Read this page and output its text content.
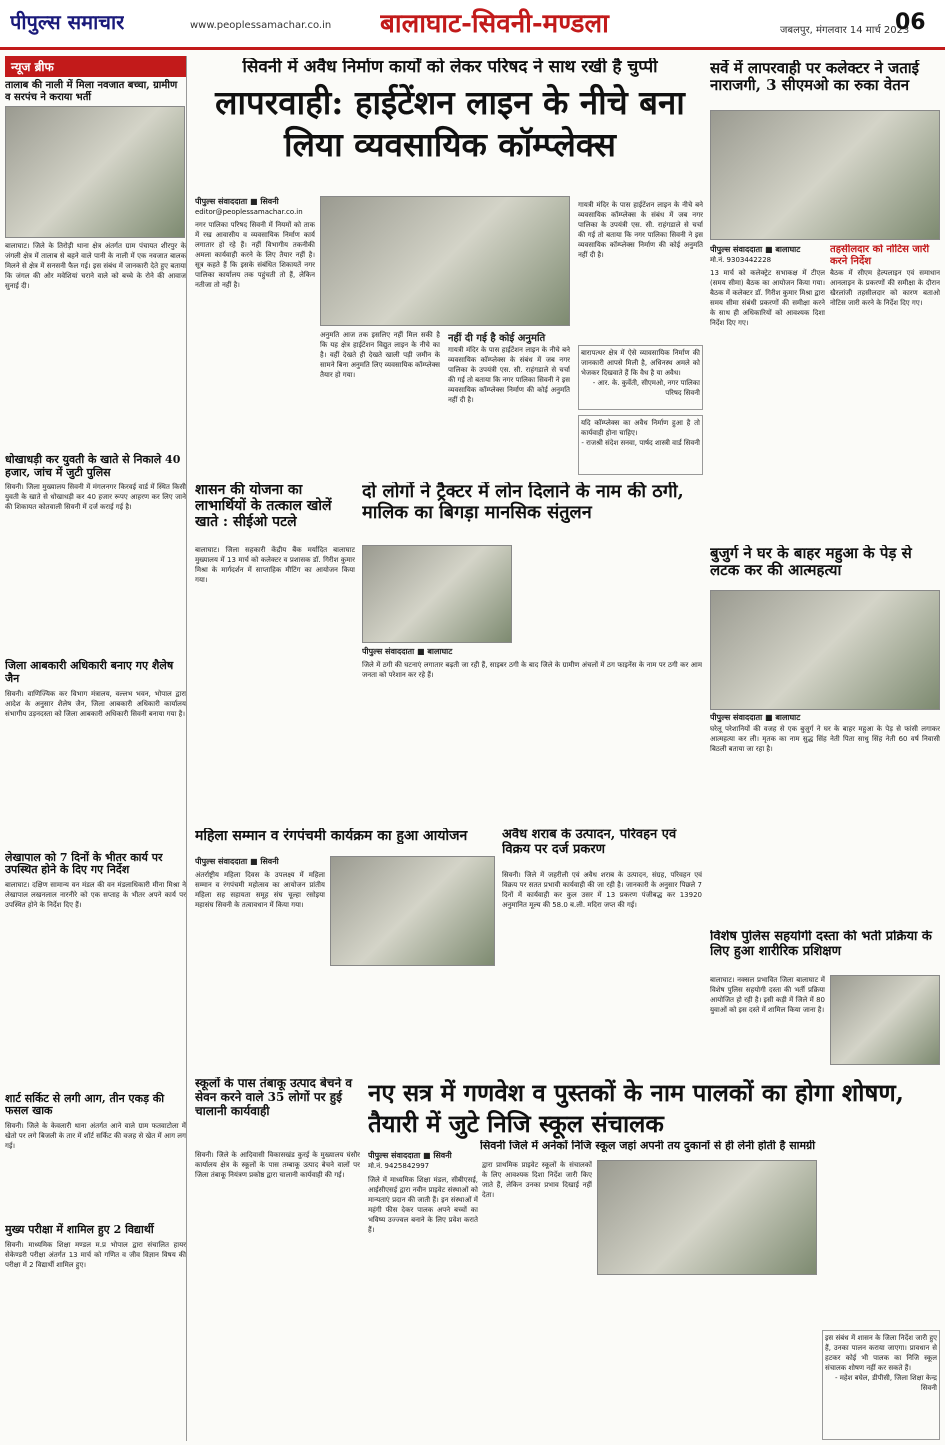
पीपुल्स समाचार	www.peoplessamachar.co.in बालाघाट-सिवनी-मण्डला	जबलपुर, मंगलवार 14 मार्च 2023
06
न्यूज ब्रीफ
तालाब की नाली में मिला नवजात बच्चा, ग्रामीण व सरपंच ने कराया भर्ती
बालाघाट। जिले के तिरोड़ी थाना क्षेत्र अंतर्गत ग्राम पंचायत शीरपुर के जंगली क्षेत्र में तालाब से बहने वाले पानी के नाली में एक नवजात बालक मिलने से क्षेत्र में सनसनी फैल गई। इस संबंध में जानकारी देते हुए बताया कि जंगल की ओर मवेशियां चराने वाले को बच्चे के रोने की आवाज सुनाई दी।
धोखाधड़ी कर युवती के खाते से निकाले 40 हजार, जांच में जुटी पुलिस
सिवनी। जिला मुख्यालय सिवनी में मंगलनगर किरवई वार्ड में स्थित किसी युवती के खाते से धोखाधड़ी कर 40 हजार रूपए आहरण कर लिए जाने की शिकायत कोतवाली सिवनी में दर्ज कराई गई है।
जिला आबकारी अधिकारी बनाए गए शैलेष जैन
सिवनी। वाणिज्यिक कर विभाग मंत्रालय, वल्लभ भवन, भोपाल द्वारा आदेश के अनुसार शैलेष जैन, जिला आबकारी अधिकारी कार्यालय संभागीय उड़नदस्ता को जिला आबकारी अधिकारी सिवनी बनाया गया है।
लेखापाल को 7 दिनों के भीतर कार्य पर उपस्थित होने के दिए गए निर्देश
बालाघाट। दक्षिण सामान्य वन मंडल की वन मंडलाधिकारी मीना मिश्रा ने लेखापाल लखनलाल नारनीरे को एक सप्ताह के भीतर अपने कार्य पर उपस्थित होने के निर्देश दिए हैं।
शार्ट सर्किट से लगी आग, तीन एकड़ की फसल खाक
सिवनी। जिले के केवलारी थाना अंतर्गत आने वाले ग्राम फतवाटोला में खेतो पर लगे बिजली के तार में शॉर्ट सर्किट की वजह से खेत में आग लग गई।
मुख्य परीक्षा में शामिल हुए 2 विद्यार्थी
सिवनी। माध्यमिक शिक्षा मण्डल म.प्र भोपाल द्वारा संचालित हायर सेकेण्डरी परीक्षा अंतर्गत 13 मार्च को गणित व जीव विज्ञान विषय की परीक्षा में 2 विद्यार्थी शामिल हुए।
सिवनी में अवैध निर्माण कार्यों को लेकर परिषद ने साथ रखी है चुप्पी
लापरवाही: हाईटेंशन लाइन के नीचे बना लिया व्यवसायिक कॉम्प्लेक्स
पीपुल्स संवाददाता ■ सिवनी
editor@peoplessamachar.co.in
नगर पालिका परिषद सिवनी में नियमों को ताक में रख आवासीय व व्यवसायिक निर्माण कार्य लगातार हो रहे हैं। नहीं विभागीय तकनीकी अमला कार्यवाही करने के लिए तैयार नहीं है। सूत्र कहते हैं कि इसके संबंधित शिकायतें नगर पालिका कार्यालय तक पहुंचती तो हैं, लेकिन नतीजा तो नहीं है।
अनुमति आज तक इसलिए नहीं मिल सकी है कि यह क्षेत्र हाईटेंशन विद्युत लाइन के नीचे का है। वहीं देखते ही देखते खाली पड़ी जमीन के सामने बिना अनुमति लिए व्यवसायिक कॉम्प्लेक्स तैयार हो गया।
नहीं दी गई है कोई अनुमति
गायत्री मंदिर के पास हाईटेंशन लाइन के नीचे बने व्यवसायिक कॉम्प्लेक्स के संबंध में जब नगर पालिका के उपयंत्री एस. सी. राहंगडाले से चर्चा की गई तो बताया कि नगर पालिका सिवनी ने इस व्यवसायिक कॉम्प्लेक्स निर्माण की कोई अनुमति नहीं दी है।
गायत्री मंदिर के पास हाईटेंशन लाइन के नीचे बने व्यवसायिक कॉम्प्लेक्स के संबंध में जब नगर पालिका के उपयंत्री एस. सी. राहंगडाले से चर्चा की गई तो बताया कि नगर पालिका सिवनी ने इस व्यवसायिक कॉम्प्लेक्स निर्माण की कोई अनुमति नहीं दी है।
बारापत्थर क्षेत्र में ऐसे व्यावसायिक निर्माण की जानकारी आपसे मिली है, अधिनस्थ अमले को भेजकर दिखवाते हैं कि वैध है या अवैध।
- आर. के. कुर्वेती, सीएमओ, नगर पालिका परिषद सिवनी
यदि कॉम्प्लेक्स का अवैध निर्माण हुआ है तो कार्यवाही होना चाहिए।
- राजश्री संदेश सनवा, पार्षद शास्त्री वार्ड सिवनी
सर्वे में लापरवाही पर कलेक्टर ने जताई नाराजगी, 3 सीएमओ का रुका वेतन
पीपुल्स संवाददाता ■ बालाघाट
मो.नं. 9303442228
13 मार्च को कलेक्ट्रेट सभाकक्ष में टीएल (समय सीमा) बैठक का आयोजन किया गया। बैठक में कलेक्टर डॉ. गिरीश कुमार मिश्रा द्वारा समय सीमा संबंधी प्रकरणों की समीक्षा करने के साथ ही अधिकारियों को आवश्यक दिशा निर्देश दिए गए।
तहसीलदार को नोटिस जारी करने निर्देश
बैठक में सीएम हेल्पलाइन एवं समाधान आनलाइन के प्रकरणों की समीक्षा के दौरान खैरलांजी तहसीलदार को कारण बताओ नोटिस जारी करने के निर्देश दिए गए।
शासन की योजना का लाभार्थियों के तत्काल खोलें खाते : सीईओ पटले
बालाघाट। जिला सहकारी केंद्रीय बैंक मर्यादित बालाघाट मुख्यालय में 13 मार्च को कलेक्टर व प्रशासक डॉ. गिरीश कुमार मिश्रा के मार्गदर्शन में साप्ताहिक मीटिंग का आयोजन किया गया।
दो लोगों ने ट्रैक्टर में लोन दिलाने के नाम की ठगी, मालिक का बिगड़ा मानसिक संतुलन
पीपुल्स संवाददाता ■ बालाघाट
जिले में ठगी की घटनाएं लगातार बढ़ती जा रही हैं, साइबर ठगी के बाद जिले के ग्रामीण अंचलों में ठग फाइनेंस के नाम पर ठगी कर आम जनता को परेशान कर रहे हैं।
बुजुर्ग ने घर के बाहर महुआ के पेड़ से लटक कर की आत्महत्या
पीपुल्स संवाददाता ■ बालाघाट
घरेलू परेशानियों की वजह से एक बुजुर्ग ने घर के बाहर महुआ के पेड़ से फांसी लगाकर आत्महत्या कर ली। मृतक का नाम सुद्ध सिंह नेती पिता साधु सिंह नेती 60 वर्ष निवासी बिठली बताया जा रहा है।
महिला सम्मान व रंगपंचमी कार्यक्रम का हुआ आयोजन
पीपुल्स संवाददाता ■ सिवनी
अंतर्राष्ट्रीय महिला दिवस के उपलक्ष्य में महिला सम्मान व रंगपंचमी महोत्सव का आयोजन प्रांतीय महिला सह सहायता समूह संघ चूल्हा रसोइया महासंघ सिवनी के तत्वावधान में किया गया।
अवैध शराब के उत्पादन, परिवहन एवं विक्रय पर दर्ज प्रकरण
सिवनी। जिले में जहरीली एवं अवैध शराब के उत्पादन, संग्रह, परिवहन एवं विक्रय पर सतत प्रभावी कार्यवाही की जा रही है। जानकारी के अनुसार पिछले 7 दिनों में कार्यवाही कर कुल उसर में 13 प्रकरण पंजीबद्ध कर 13920 अनुमानित मूल्य की 58.0 ब.ली. मदिरा जप्त की गई।
विशेष पुलिस सहयोगी दस्ता की भर्ती प्रक्रिया के लिए हुआ शारीरिक प्रशिक्षण
बालाघाट। नक्सल प्रभावित जिला बालाघाट में विशेष पुलिस सहयोगी दस्ता की भर्ती प्रक्रिया आयोजित हो रही है। इसी कड़ी में जिले में 80 युवाओं को इस दस्ते में शामिल किया जाना है।
स्कूलों के पास तंबाकू उत्पाद बेचने व सेवन करने वाले 35 लोगों पर हुई चालानी कार्यवाही
सिवनी। जिले के आदिवासी विकासखंड कुरई के मुख्यालय घंसौर कार्यालय क्षेत्र के स्कूलों के पास तम्बाकू उत्पाद बेचने वालों पर जिला तंबाकू नियंत्रण प्रकोष्ठ द्वारा चालानी कार्यवाही की गई।
नए सत्र में गणवेश व पुस्तकों के नाम पालकों का होगा शोषण, तैयारी में जुटे निजि स्कूल संचालक
पीपुल्स संवाददाता ■ सिवनी
मो.नं. 9425842997
सिवनी जिले में अनेकों निजि स्कूल जहां अपनी तय दुकानों से ही लेनी होती है सामग्री
जिले में माध्यमिक शिक्षा मंडल, सीबीएसई, आईसीएसई द्वारा नवीन प्राइवेट संस्थाओं को मान्यताएं प्रदान की जाती हैं। इन संस्थाओं में महंगी फीस देकर पालक अपने बच्चों का भविष्य उज्ज्वल बनाने के लिए प्रवेश कराते हैं।
द्वारा प्राथमिक प्राइवेट स्कूलों के संचालकों के लिए आवश्यक दिशा निर्देश जारी किए जाते हैं, लेकिन उनका प्रभाव दिखाई नहीं देता।
इस संबंध में शासन के जिला निर्देश जारी हुए हैं, उनका पालन कराया जाएगा। प्रावधान से हटकर कोई भी पालक का निजि स्कूल संचालक शोषण नहीं कर सकते हैं।
- महेश बघेल, डीपीसी, जिला शिक्षा केन्द्र सिवनी
